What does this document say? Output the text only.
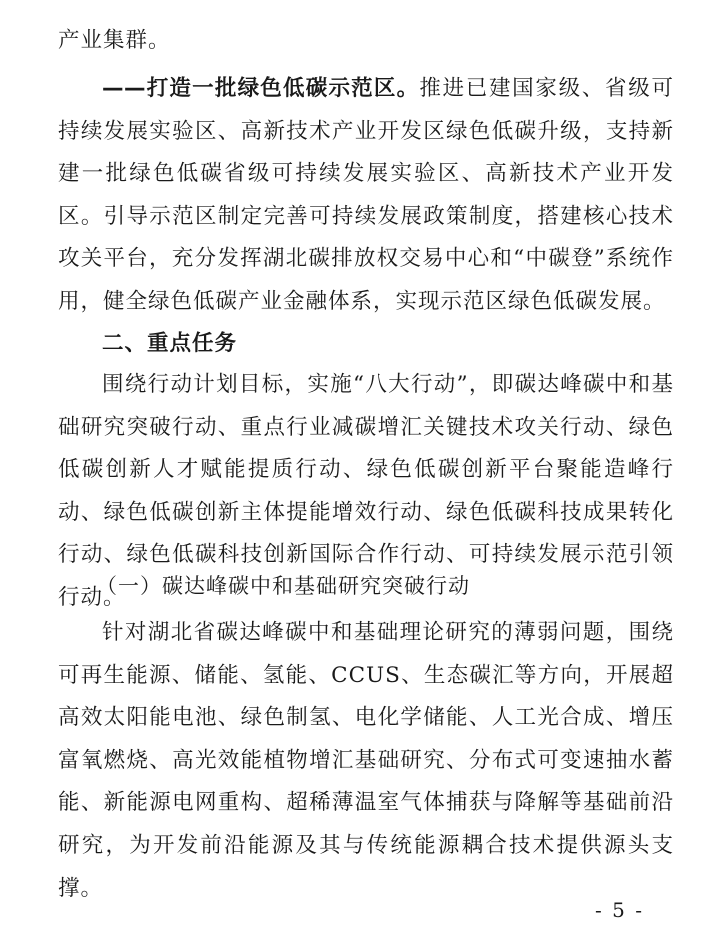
产业集群。

——打造一批绿色低碳示范区。推进已建国家级、省级可持续发展实验区、高新技术产业开发区绿色低碳升级，支持新建一批绿色低碳省级可持续发展实验区、高新技术产业开发区。引导示范区制定完善可持续发展政策制度，搭建核心技术攻关平台，充分发挥湖北碳排放权交易中心和“中碳登”系统作用，健全绿色低碳产业金融体系，实现示范区绿色低碳发展。

二、重点任务

围绕行动计划目标，实施“八大行动”，即碳达峰碳中和基础研究突破行动、重点行业减碳增汇关键技术攻关行动、绿色低碳创新人才赋能提质行动、绿色低碳创新平台聚能造峰行动、绿色低碳创新主体提能增效行动、绿色低碳科技成果转化行动、绿色低碳科技创新国际合作行动、可持续发展示范引领行动。

（一）碳达峰碳中和基础研究突破行动

针对湖北省碳达峰碳中和基础理论研究的薄弱问题，围绕可再生能源、储能、氢能、CCUS、生态碳汇等方向，开展超高效太阳能电池、绿色制氢、电化学储能、人工光合成、增压富氧燃烧、高光效能植物增汇基础研究、分布式可变速抽水蓄能、新能源电网重构、超稀薄温室气体捕获与降解等基础前沿研究，为开发前沿能源及其与传统能源耦合技术提供源头支撑。

- 5 -
